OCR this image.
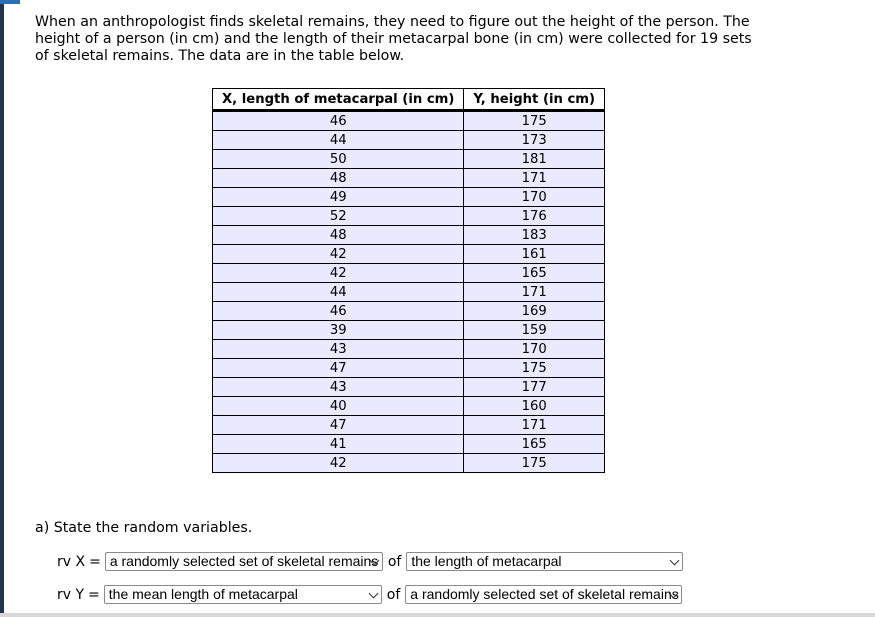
When an anthropologist finds skeletal remains, they need to figure out the height of the person. The height of a person (in cm) and the length of their metacarpal bone (in cm) were collected for 19 sets of skeletal remains. The data are in the table below.

X, length of metacarpal (in cm)	Y, height (in cm)
46	175
44	173
50	181
48	171
49	170
52	176
48	183
42	161
42	165
44	171
46	169
39	159
43	170
47	175
43	177
40	160
47	171
41	165
42	175

a) State the random variables.

rv X = a randomly selected set of skeletal remains of the length of metacarpal
rv Y = the mean length of metacarpal	of a randomly selected set of skeletal remains
